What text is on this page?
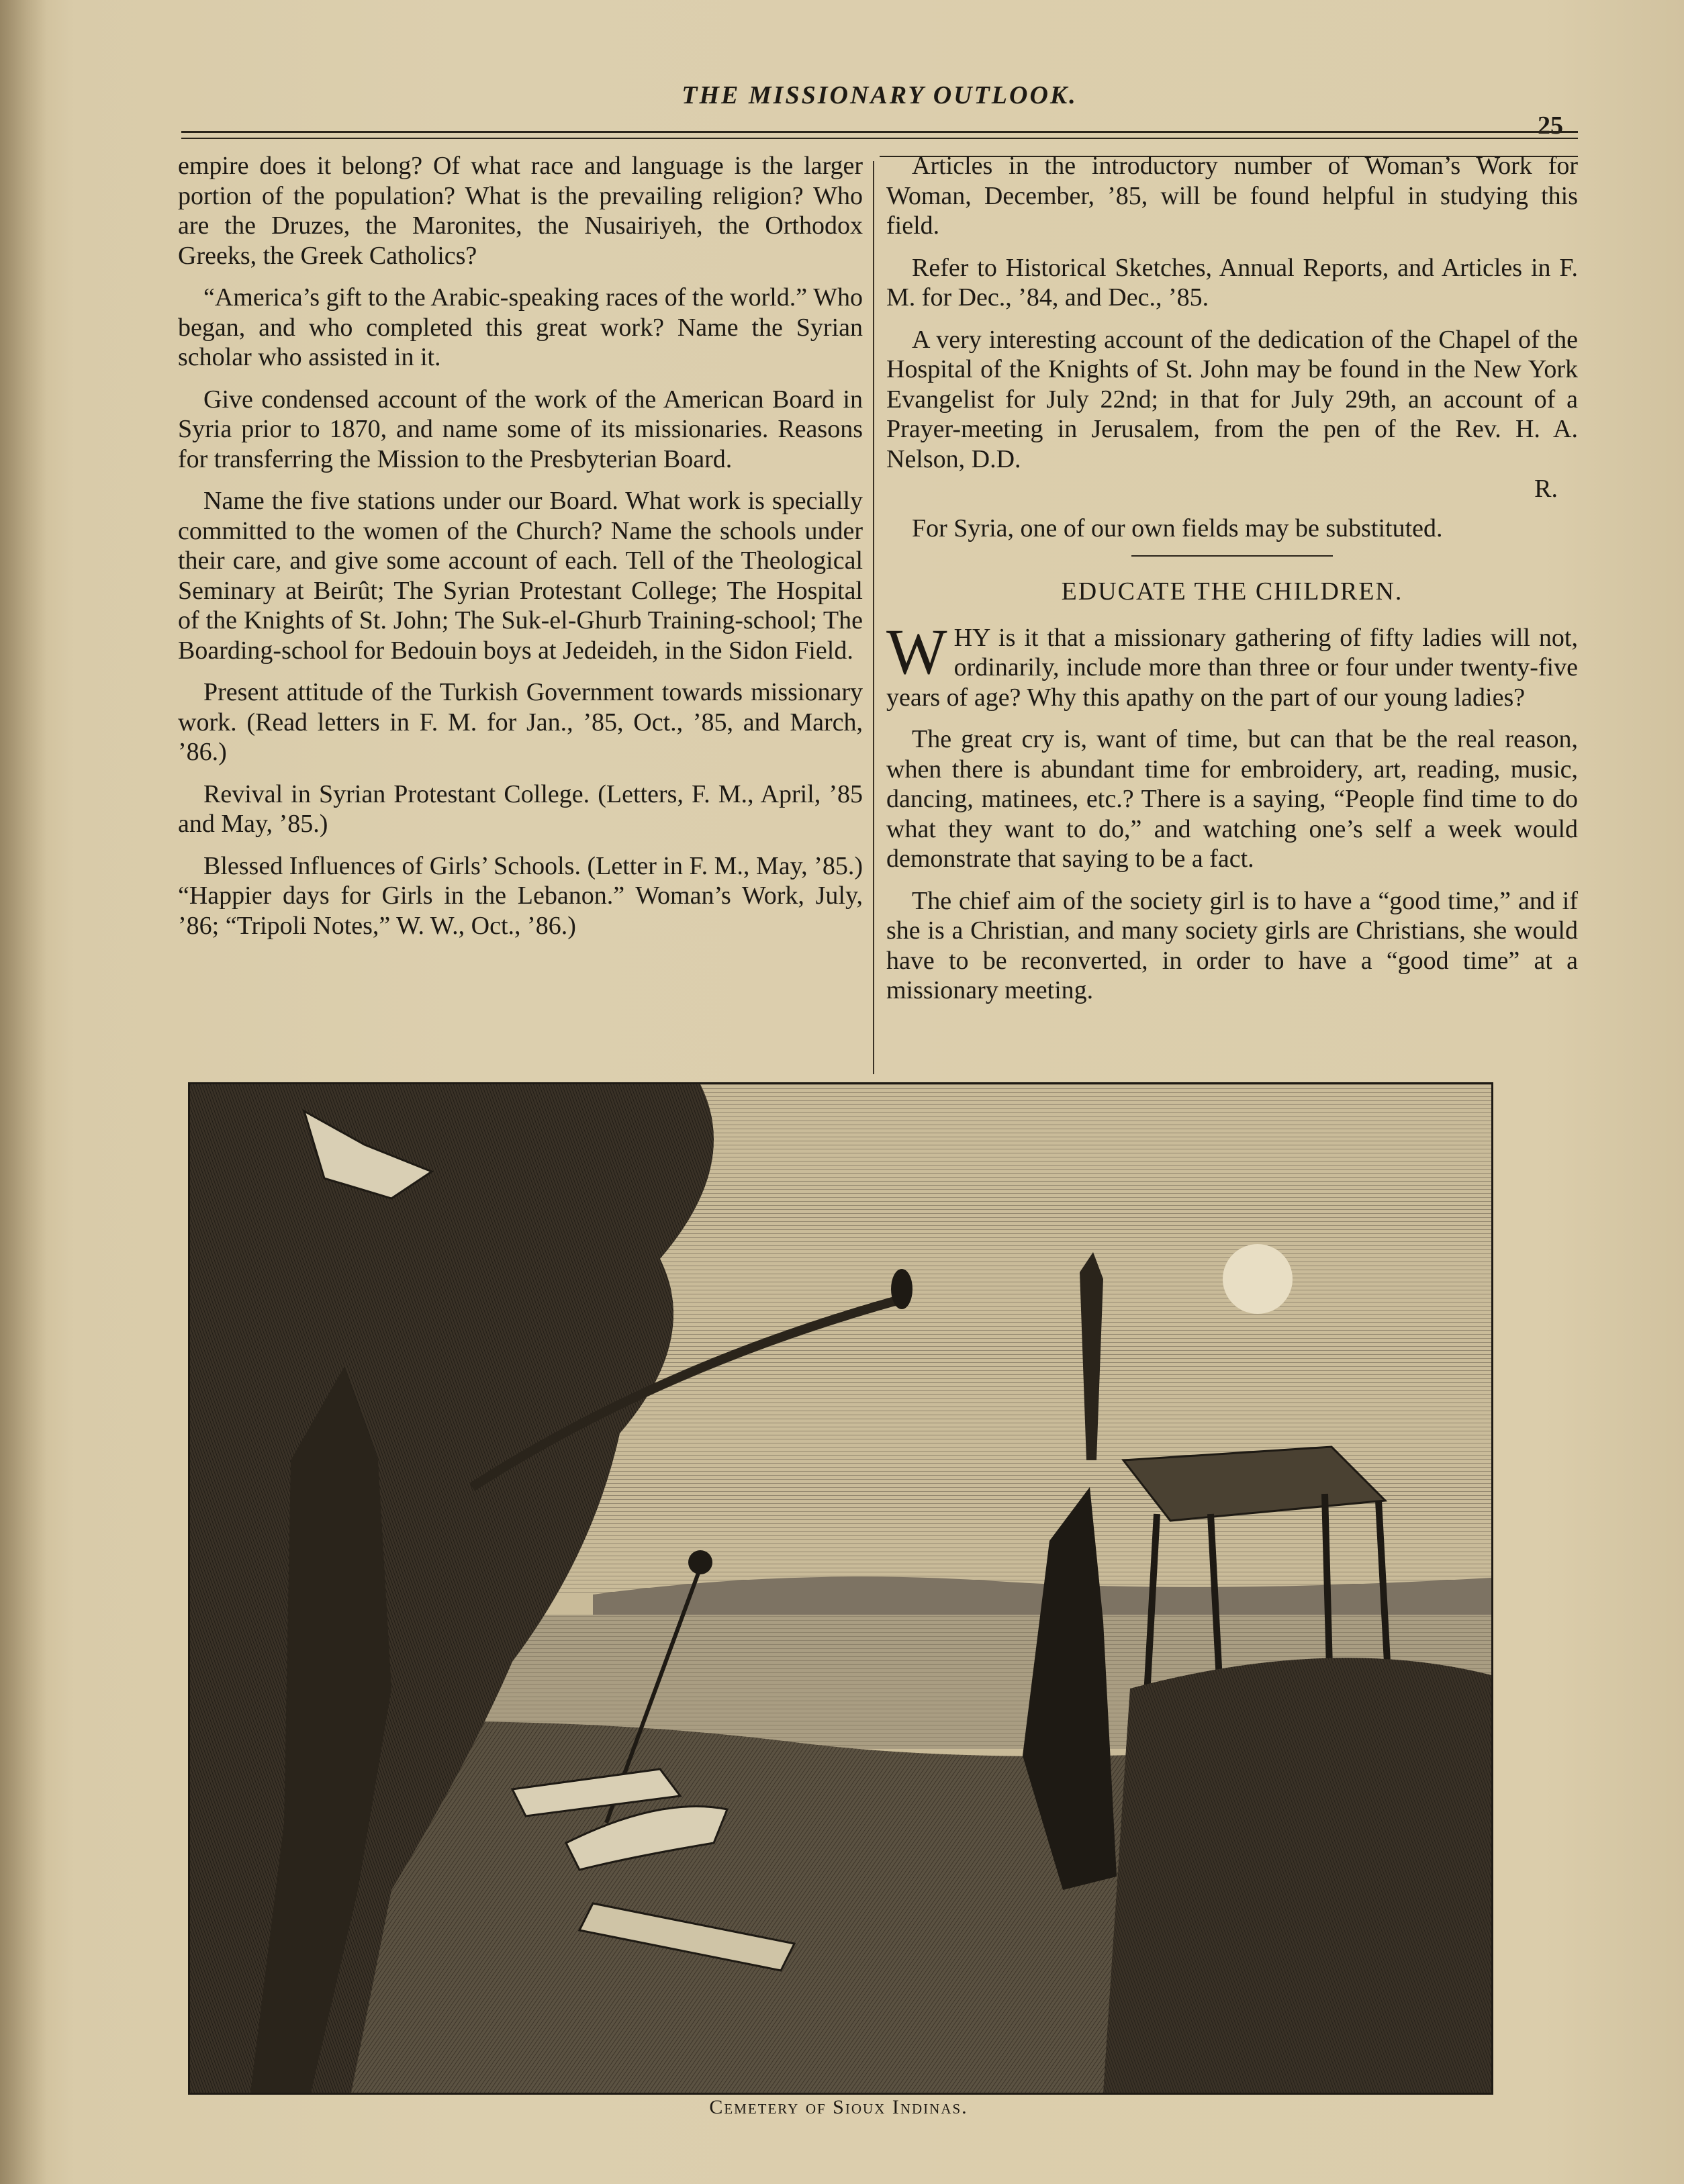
THE MISSIONARY OUTLOOK.
25

empire does it belong? Of what race and language is the larger portion of the population? What is the prevailing religion? Who are the Druzes, the Maronites, the Nusairiyeh, the Orthodox Greeks, the Greek Catholics?

“America’s gift to the Arabic-speaking races of the world.” Who began, and who completed this great work? Name the Syrian scholar who assisted in it.

Give condensed account of the work of the American Board in Syria prior to 1870, and name some of its missionaries. Reasons for transferring the Mission to the Presbyterian Board.

Name the five stations under our Board. What work is specially committed to the women of the Church? Name the schools under their care, and give some account of each. Tell of the Theological Seminary at Beirût; The Syrian Protestant College; The Hospital of the Knights of St. John; The Suk-el-Ghurb Training-school; The Boarding-school for Bedouin boys at Jedeideh, in the Sidon Field.

Present attitude of the Turkish Government towards missionary work. (Read letters in F. M. for Jan., ’85, Oct., ’85, and March, ’86.)

Revival in Syrian Protestant College. (Letters, F. M., April, ’85 and May, ’85.)

Blessed Influences of Girls’ Schools. (Letter in F. M., May, ’85.) “Happier days for Girls in the Lebanon.” Woman’s Work, July, ’86; “Tripoli Notes,” W. W., Oct., ’86.)

Articles in the introductory number of Woman’s Work for Woman, December, ’85, will be found helpful in studying this field.

Refer to Historical Sketches, Annual Reports, and Articles in F. M. for Dec., ’84, and Dec., ’85.

A very interesting account of the dedication of the Chapel of the Hospital of the Knights of St. John may be found in the New York Evangelist for July 22nd; in that for July 29th, an account of a Prayer-meeting in Jerusalem, from the pen of the Rev. H. A. Nelson, D.D.

R.

For Syria, one of our own fields may be substituted.

EDUCATE THE CHILDREN.

WHY is it that a missionary gathering of fifty ladies will not, ordinarily, include more than three or four under twenty-five years of age? Why this apathy on the part of our young ladies?

The great cry is, want of time, but can that be the real reason, when there is abundant time for embroidery, art, reading, music, dancing, matinees, etc.? There is a saying, “People find time to do what they want to do,” and watching one’s self a week would demonstrate that saying to be a fact.

The chief aim of the society girl is to have a “good time,” and if she is a Christian, and many society girls are Christians, she would have to be reconverted, in order to have a “good time” at a missionary meeting.

Cemetery of Sioux Indinas.
